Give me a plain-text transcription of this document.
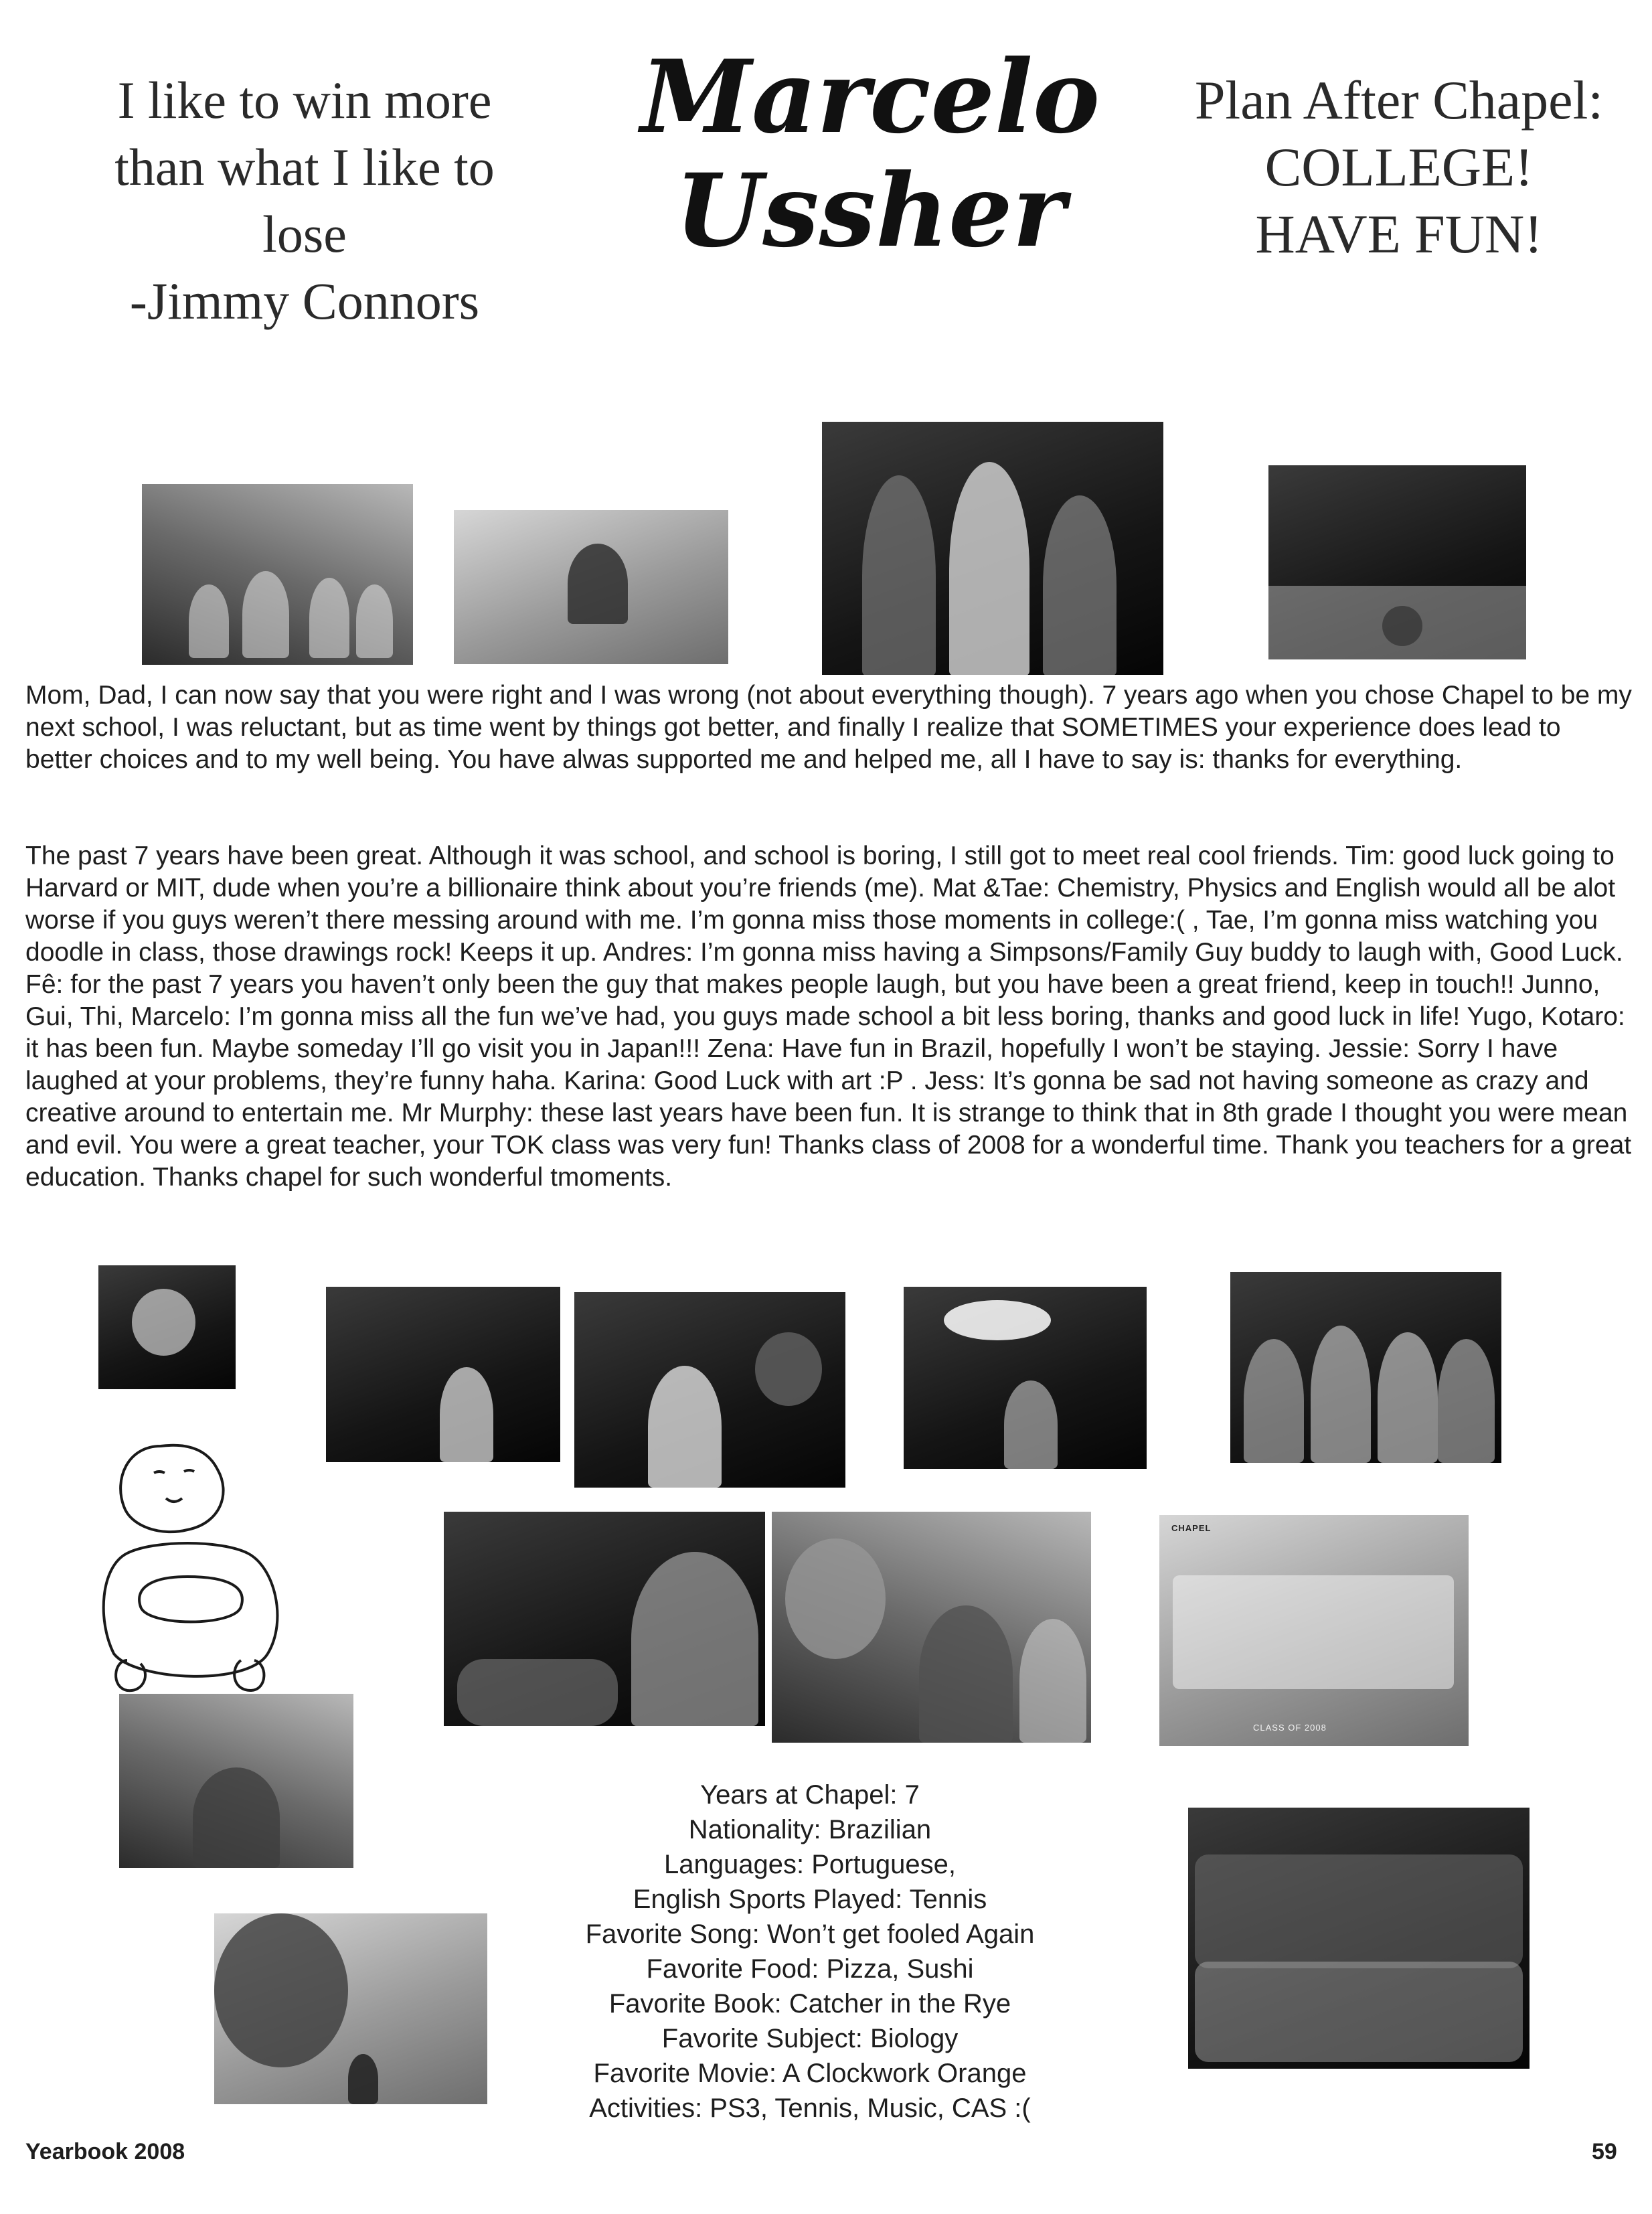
I like to win more
than what I like to
lose
-Jimmy Connors
Marcelo
Ussher
Plan After Chapel:
COLLEGE!
HAVE FUN!
Mom, Dad, I can now say that you were right and I was wrong (not about everything though). 7 years ago when you chose Chapel to be my next school, I was reluctant, but as time went by things got better, and finally I realize that SOMETIMES your experience does lead to better choices and to my well being. You have alwas supported me and helped me, all I have to say is: thanks for everything.
The past 7 years have been great. Although it was school, and school is boring, I still got to meet real cool friends. Tim: good luck going to Harvard or MIT, dude when you’re a billionaire think about you’re friends (me). Mat &Tae: Chemistry, Physics and English would all be alot worse if you guys weren’t there messing around with me. I’m gonna miss those moments in college:( , Tae, I’m gonna miss watching you doodle in class, those drawings rock! Keeps it up. Andres: I’m gonna miss having a Simpsons/Family Guy buddy to laugh with, Good Luck. Fê: for the past 7 years you haven’t only been the guy that makes people laugh, but you have been a great friend, keep in touch!! Junno, Gui, Thi, Marcelo: I’m gonna miss all the fun we’ve had, you guys made school a bit less boring, thanks and good luck in life! Yugo, Kotaro: it has been fun. Maybe someday I’ll go visit you in Japan!!! Zena: Have fun in Brazil, hopefully I won’t be staying. Jessie: Sorry I have laughed at your problems, they’re funny haha. Karina: Good Luck with art :P . Jess: It’s gonna be sad not having someone as crazy and creative around to entertain me. Mr Murphy: these last years have been fun. It is strange to think that in 8th grade I thought you were mean and evil. You were a great teacher, your TOK class was very fun! Thanks class of 2008 for a wonderful time. Thank you teachers for a great education. Thanks chapel for such wonderful tmoments.
CHAPEL
CLASS OF 2008
Years at Chapel: 7
Nationality: Brazilian
Languages: Portuguese,
English Sports Played: Tennis
Favorite Song: Won’t get fooled Again
Favorite Food: Pizza, Sushi
Favorite Book: Catcher in the Rye
Favorite Subject: Biology
Favorite Movie: A Clockwork Orange
Activities: PS3, Tennis, Music, CAS :(
Yearbook 2008	59
